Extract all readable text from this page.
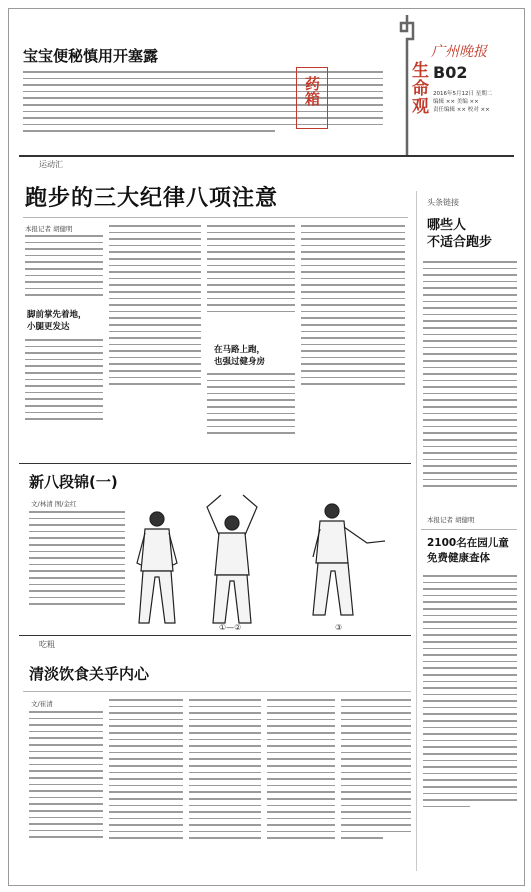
宝宝便秘慎用开塞露
药箱	生命观
广州晚报
B02
2016年5月12日 星期二
编辑 ×× 美编 ××
责任编辑 ×× 校对 ××
运动汇
跑步的三大纪律八项注意
本报记者 胡健明
脚前掌先着地，
小腿更发达
在马路上跑，
也强过健身房
头条链接
哪些人
不适合跑步
本报记者 胡健明
2100名在园儿童
免费健康查体
新八段锦(一)
文/林清 图/金红
①—②	③
吃粗
清淡饮食关乎内心
文/崔清
